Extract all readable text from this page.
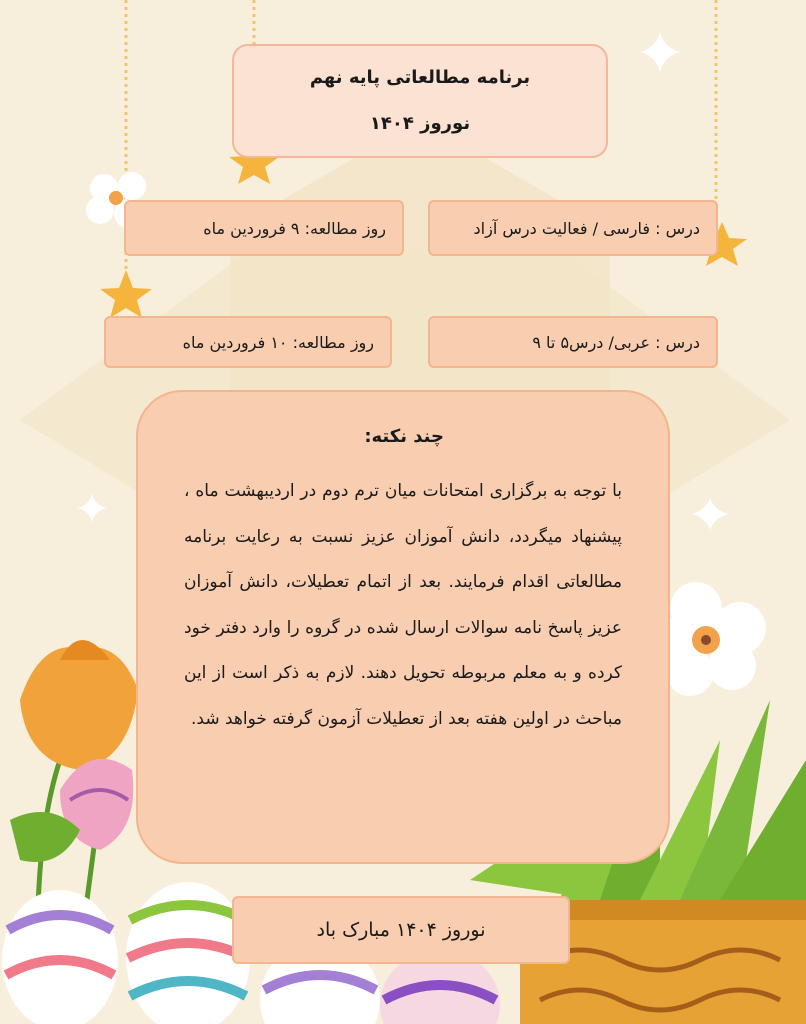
برنامه مطالعاتی پایه نهم
نوروز ۱۴۰۴
درس : فارسی / فعالیت درس آزاد
روز مطالعه: ۹ فروردین ماه
درس : عربی/ درس۵ تا ۹
روز مطالعه: ۱۰ فروردین ماه
چند نکته:
با توجه به برگزاری امتحانات میان ترم دوم در اردیبهشت ماه ، پیشنهاد میگردد، دانش آموزان عزیز نسبت به رعایت برنامه مطالعاتی اقدام فرمایند. بعد از اتمام تعطیلات، دانش آموزان عزیز پاسخ نامه سوالات ارسال شده در گروه را وارد دفتر خود کرده و به معلم مربوطه تحویل دهند. لازم به ذکر است از این مباحث در اولین هفته بعد از تعطیلات آزمون گرفته خواهد شد.
نوروز ۱۴۰۴ مبارک باد
